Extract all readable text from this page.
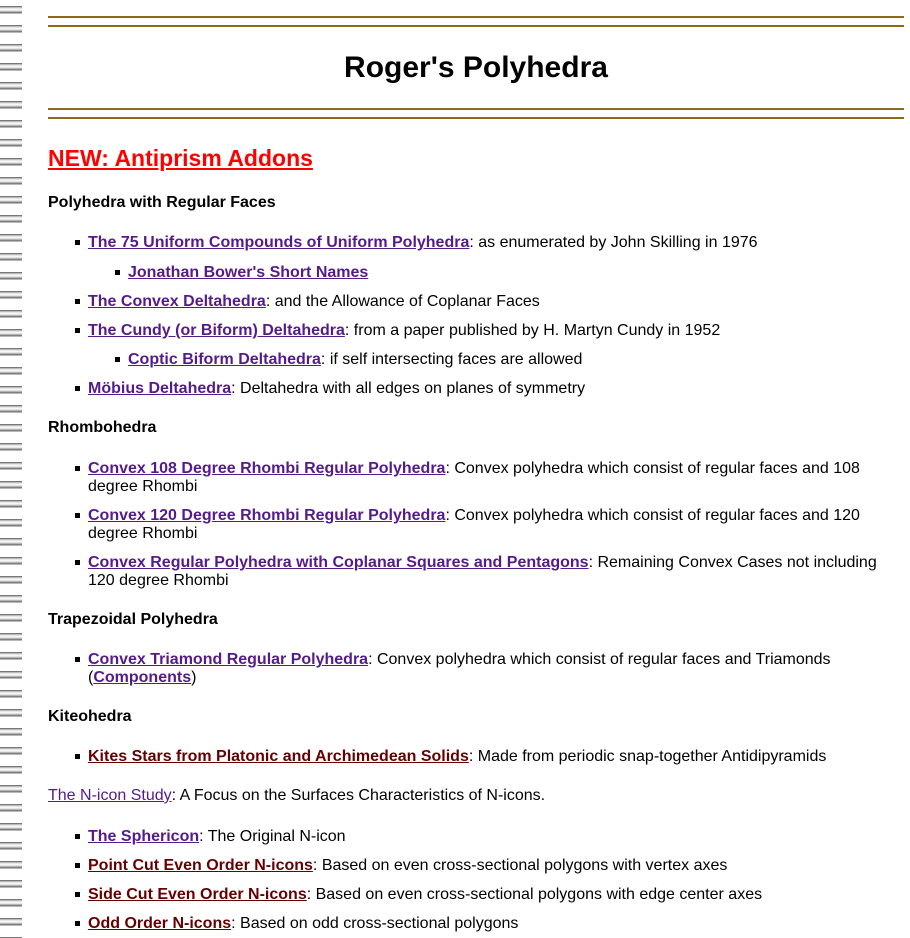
Roger's Polyhedra
NEW: Antiprism Addons
Polyhedra with Regular Faces
The 75 Uniform Compounds of Uniform Polyhedra: as enumerated by John Skilling in 1976
Jonathan Bower's Short Names
The Convex Deltahedra: and the Allowance of Coplanar Faces
The Cundy (or Biform) Deltahedra: from a paper published by H. Martyn Cundy in 1952
Coptic Biform Deltahedra: if self intersecting faces are allowed
Möbius Deltahedra: Deltahedra with all edges on planes of symmetry
Rhombohedra
Convex 108 Degree Rhombi Regular Polyhedra: Convex polyhedra which consist of regular faces and 108 degree Rhombi
Convex 120 Degree Rhombi Regular Polyhedra: Convex polyhedra which consist of regular faces and 120 degree Rhombi
Convex Regular Polyhedra with Coplanar Squares and Pentagons: Remaining Convex Cases not including 120 degree Rhombi
Trapezoidal Polyhedra
Convex Triamond Regular Polyhedra: Convex polyhedra which consist of regular faces and Triamonds (Components)
Kiteohedra
Kites Stars from Platonic and Archimedean Solids: Made from periodic snap-together Antidipyramids
The N-icon Study: A Focus on the Surfaces Characteristics of N-icons.
The Sphericon: The Original N-icon
Point Cut Even Order N-icons: Based on even cross-sectional polygons with vertex axes
Side Cut Even Order N-icons: Based on even cross-sectional polygons with edge center axes
Odd Order N-icons: Based on odd cross-sectional polygons
